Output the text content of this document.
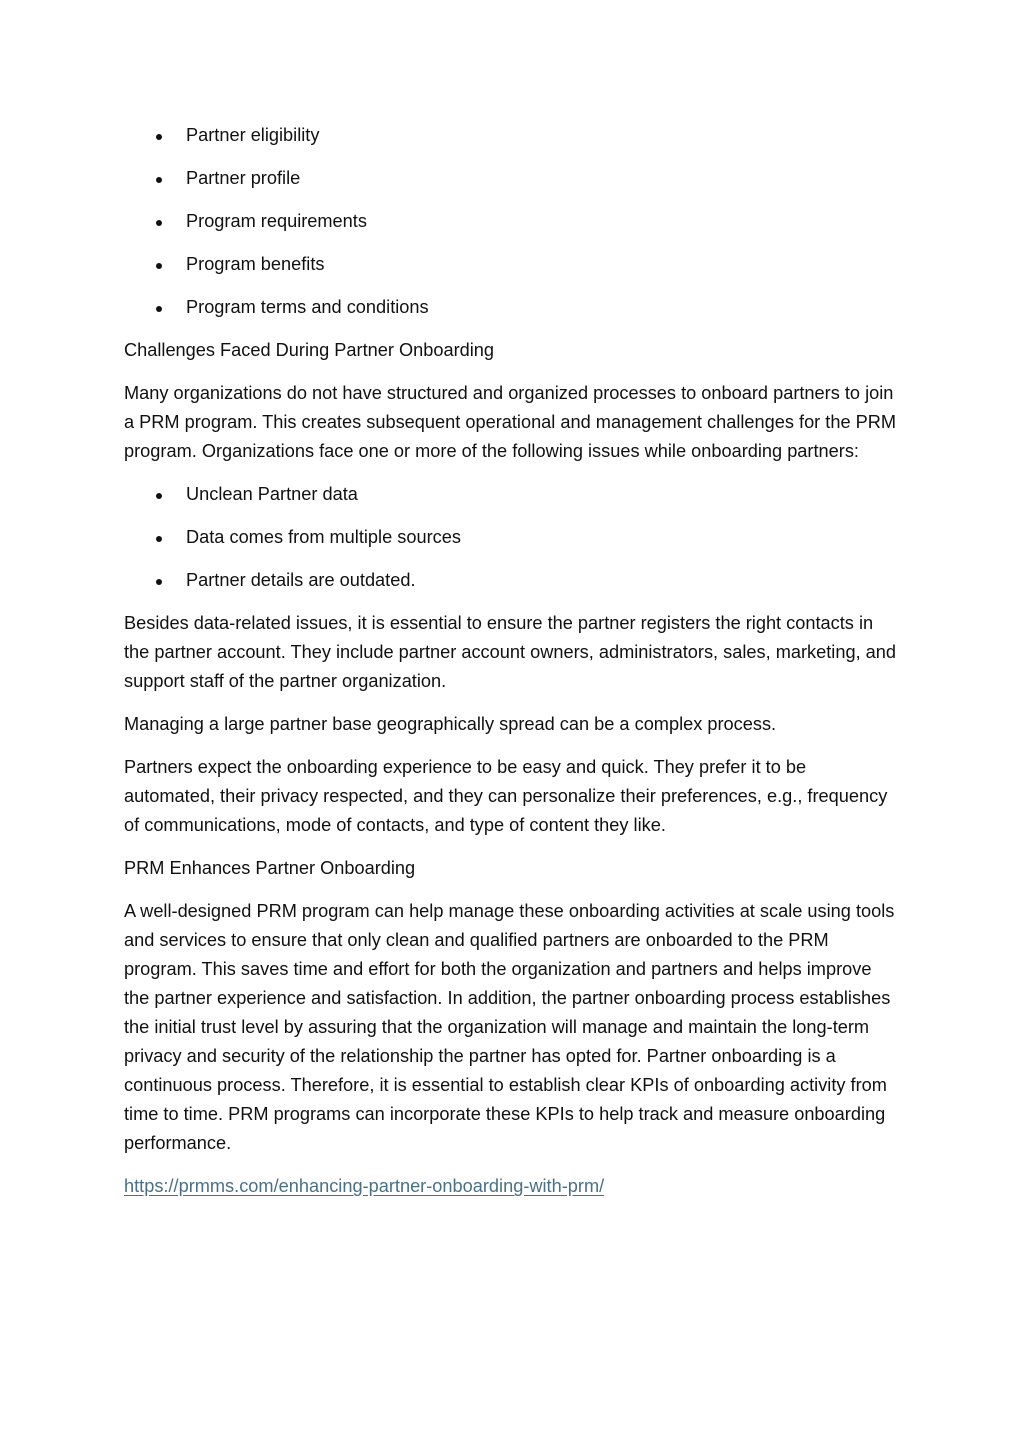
Partner eligibility
Partner profile
Program requirements
Program benefits
Program terms and conditions

Challenges Faced During Partner Onboarding

Many organizations do not have structured and organized processes to onboard partners to join a PRM program. This creates subsequent operational and management challenges for the PRM program. Organizations face one or more of the following issues while onboarding partners:

Unclean Partner data
Data comes from multiple sources
Partner details are outdated.

Besides data-related issues, it is essential to ensure the partner registers the right contacts in the partner account. They include partner account owners, administrators, sales, marketing, and support staff of the partner organization.

Managing a large partner base geographically spread can be a complex process.

Partners expect the onboarding experience to be easy and quick. They prefer it to be automated, their privacy respected, and they can personalize their preferences, e.g., frequency of communications, mode of contacts, and type of content they like.

PRM Enhances Partner Onboarding

A well-designed PRM program can help manage these onboarding activities at scale using tools and services to ensure that only clean and qualified partners are onboarded to the PRM program. This saves time and effort for both the organization and partners and helps improve the partner experience and satisfaction. In addition, the partner onboarding process establishes the initial trust level by assuring that the organization will manage and maintain the long-term privacy and security of the relationship the partner has opted for. Partner onboarding is a continuous process. Therefore, it is essential to establish clear KPIs of onboarding activity from time to time. PRM programs can incorporate these KPIs to help track and measure onboarding performance.

https://prmms.com/enhancing-partner-onboarding-with-prm/
